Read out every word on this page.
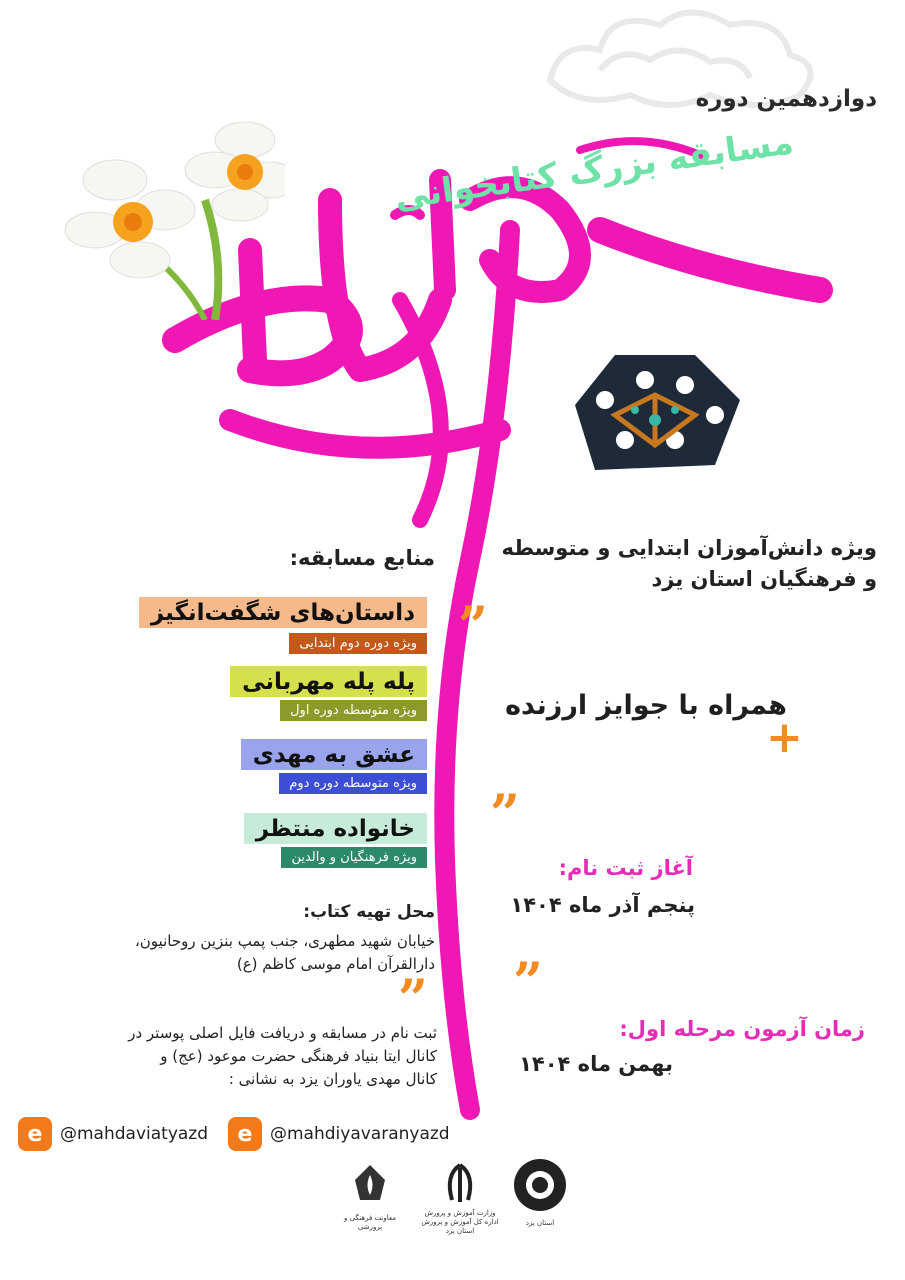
دوازدهمین دوره
مسابقه بزرگ کتابخوانی
ویژه دانش‌آموزان ابتدایی و متوسطه
و فرهنگیان استان یزد
”
همراه با جوایز ارزنده
+
”
آغاز ثبت نام:
پنجم آذر ماه ۱۴۰۴
”
زمان آزمون مرحله اول:
بهمن ماه ۱۴۰۴
منابع مسابقه:
داستان‌های شگفت‌انگیز
ویژه دوره دوم ابتدایی
پله پله مهربانی
ویژه متوسطه دوره اول
عشق به مهدی
ویژه متوسطه دوره دوم
خانواده منتظر
ویژه فرهنگیان و والدین
محل تهیه کتاب:
خیابان شهید مطهری، جنب پمپ بنزین روحانیون،
دارالقرآن امام موسی کاظم (ع)
”
ثبت نام در مسابقه و دریافت فایل اصلی پوستر در
کانال ایتا بنیاد فرهنگی حضرت موعود (عج) و
کانال مهدی یاوران یزد به نشانی :
e	@mahdaviatyazd	e	@mahdiyavaranyazd
معاونت فرهنگی و پرورشی
وزارت آموزش و پرورش
اداره کل آموزش و پرورش استان یزد
استان یزد
